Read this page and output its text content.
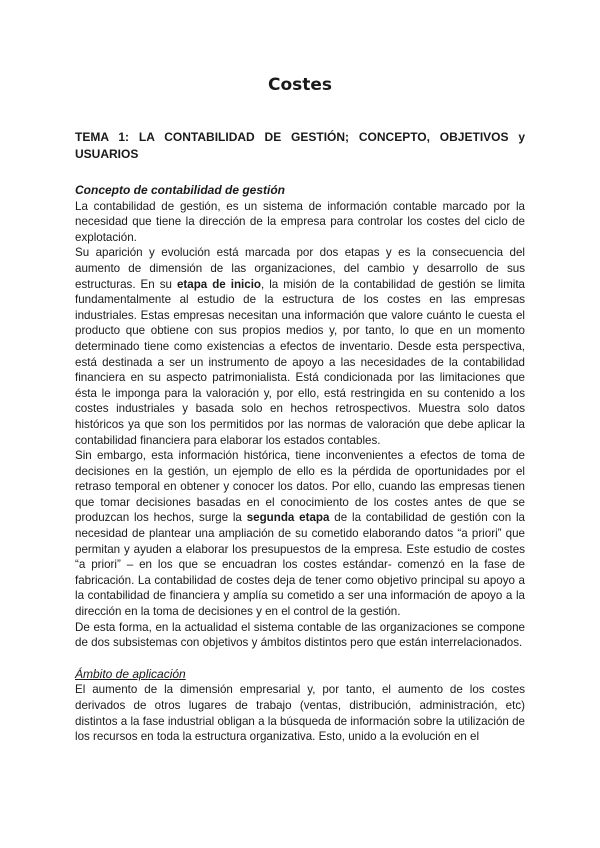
Costes
TEMA 1: LA CONTABILIDAD DE GESTIÓN; CONCEPTO, OBJETIVOS y USUARIOS
Concepto de contabilidad de gestión

La contabilidad de gestión, es un sistema de información contable marcado por la necesidad que tiene la dirección de la empresa para controlar los costes del ciclo de explotación.

Su aparición y evolución está marcada por dos etapas y es la consecuencia del aumento de dimensión de las organizaciones, del cambio y desarrollo de sus estructuras. En su etapa de inicio, la misión de la contabilidad de gestión se limita fundamentalmente al estudio de la estructura de los costes en las empresas industriales. Estas empresas necesitan una información que valore cuánto le cuesta el producto que obtiene con sus propios medios y, por tanto, lo que en un momento determinado tiene como existencias a efectos de inventario. Desde esta perspectiva, está destinada a ser un instrumento de apoyo a las necesidades de la contabilidad financiera en su aspecto patrimonialista. Está condicionada por las limitaciones que ésta le imponga para la valoración y, por ello, está restringida en su contenido a los costes industriales y basada solo en hechos retrospectivos. Muestra solo datos históricos ya que son los permitidos por las normas de valoración que debe aplicar la contabilidad financiera para elaborar los estados contables.

Sin embargo, esta información histórica, tiene inconvenientes a efectos de toma de decisiones en la gestión, un ejemplo de ello es la pérdida de oportunidades por el retraso temporal en obtener y conocer los datos. Por ello, cuando las empresas tienen que tomar decisiones basadas en el conocimiento de los costes antes de que se produzcan los hechos, surge la segunda etapa de la contabilidad de gestión con la necesidad de plantear una ampliación de su cometido elaborando datos “a priori” que permitan y ayuden a elaborar los presupuestos de la empresa. Este estudio de costes “a priori” – en los que se encuadran los costes estándar- comenzó en la fase de fabricación. La contabilidad de costes deja de tener como objetivo principal su apoyo a la contabilidad de financiera y amplía su cometido a ser una información de apoyo a la dirección en la toma de decisiones y en el control de la gestión.

De esta forma, en la actualidad el sistema contable de las organizaciones se compone de dos subsistemas con objetivos y ámbitos distintos pero que están interrelacionados.

Ámbito de aplicación

El aumento de la dimensión empresarial y, por tanto, el aumento de los costes derivados de otros lugares de trabajo (ventas, distribución, administración, etc) distintos a la fase industrial obligan a la búsqueda de información sobre la utilización de los recursos en toda la estructura organizativa. Esto, unido a la evolución en el
